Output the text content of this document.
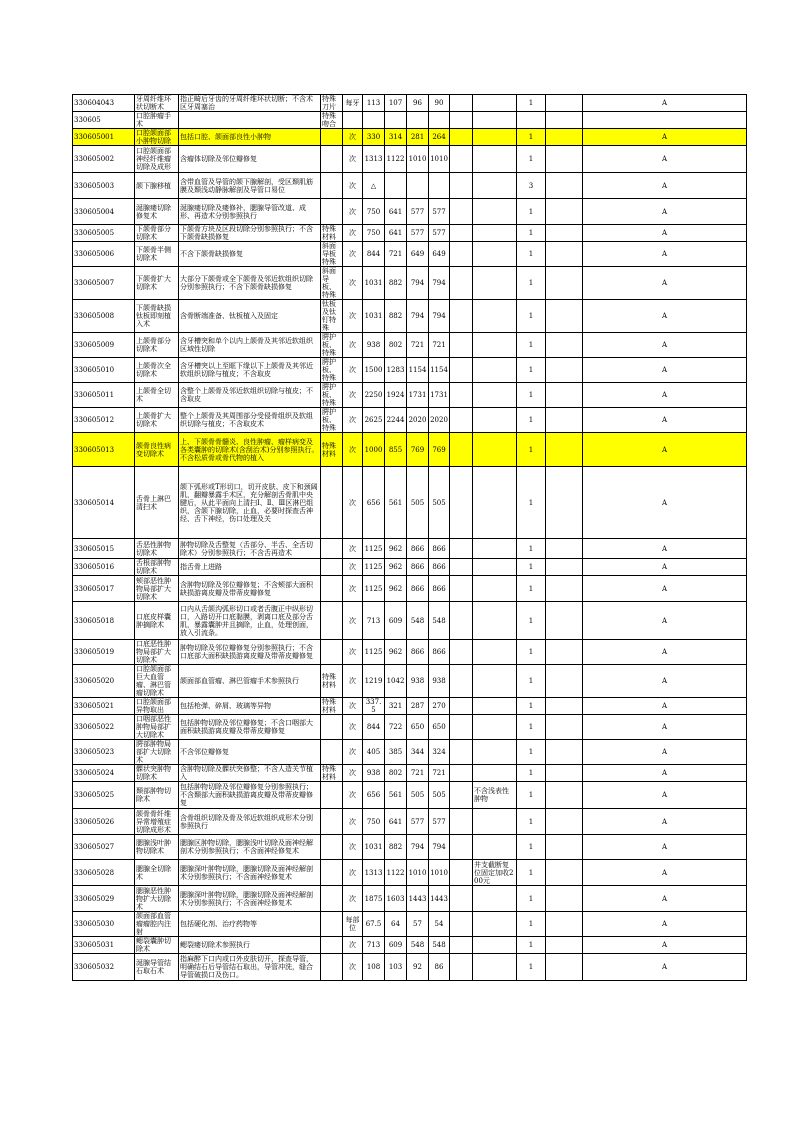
330604043	牙周纤维环状切断术	指正畸后牙齿的牙周纤维环状切断；不含术区牙周塞治	特殊刀片	每牙	113	107	96	90			1		A
330605	口腔肿瘤手术		特殊吻合										
330605001	口腔颌面部小肿物切除	包括口腔、颌面部良性小肿物		次	330	314	281	264			1		A
330605002	口腔颌面部神经纤维瘤切除及成形	含瘤体切除及邻位瓣修复		次	1313	1122	1010	1010			1		A
330605003	颌下腺移植	含带血管及导管的颌下腺解剖，受区颞肌筋膜及颞浅动静脉解剖及导管口易位		次	△						3		A
330605004	涎腺瘘切除修复术	涎腺瘘切除及瘘修补，腮腺导管改道、成形、再造术分别参照执行		次	750	641	577	577			1		A
330605005	下颌骨部分切除术	下颌骨方块及区段切除分别参照执行；不含下颌骨缺损修复	特殊材料	次	750	641	577	577			1		A
330605006	下颌骨半侧切除术	不含下颌骨缺损修复	斜面导板特殊	次	844	721	649	649			1		A
330605007	下颌骨扩大切除术	大部分下颌骨或全下颌骨及邻近软组织切除分别参照执行；不含下颌骨缺损修复	斜面导板、特殊	次	1031	882	794	794			1		A
330605008	下颌骨缺损钛板即刻植入术	含骨断端准备、钛板植入及固定	钛板及钛钉特殊	次	1031	882	794	794			1		A
330605009	上颌骨部分切除术	含牙槽突和单个以内上颌骨及其邻近软组织区域性切除	腭护板、特殊	次	938	802	721	721			1		A
330605010	上颌骨次全切除术	含牙槽突以上至眶下缘以下上颌骨及其邻近软组织切除与植皮；不含取皮	腭护板、特殊	次	1500	1283	1154	1154			1		A
330605011	上颌骨全切术	含整个上颌骨及邻近软组织切除与植皮；不含取皮	腭护板、特殊	次	2250	1924	1731	1731			1		A
330605012	上颌骨扩大切除术	整个上颌骨及其周围部分受侵骨组织及软组织切除与植皮；不含取皮术	腭护板、特殊	次	2625	2244	2020	2020			1		A
330605013	颌骨良性病变切除术	上、下颌骨骨髓炎、良性肿瘤、瘤样病变及各类囊肿的切除术(含刮治术)分别参照执行。不含松质骨或骨代物的植入	特殊材料	次	1000	855	769	769			1		A
330605014	舌骨上淋巴清扫术	颌下弧形或T形切口，切开皮肤、皮下和颈阔肌，翻瓣暴露手术区，充分解剖舌骨肌中央腱后，从此平面向上清扫Ⅰ、Ⅱ、Ⅲ区淋巴组织，含颌下腺切除，止血，必要时探查舌神经、舌下神经，伤口处理及关		次	656	561	505	505			1		A
330605015	舌恶性肿物切除术	肿物切除及舌整复（舌部分、半舌、全舌切除术）分别参照执行；不含舌再造术		次	1125	962	866	866			1		A
330605016	舌根部肿物切除术	指舌骨上进路		次	1125	962	866	866			1		A
330605017	颊部恶性肿物局部扩大切除术	含肿物切除及邻位瓣修复；不含颊部大面积缺损游离皮瓣及带蒂皮瓣修复		次	1125	962	866	866			1		A
330605018	口底皮样囊肿摘除术	口内从舌颌沟弧形切口或者舌腹正中纵形切口，入路切开口底黏膜，剥离口底及部分舌肌，暴露囊肿并且摘除，止血，处理创面，放入引流条。		次	713	609	548	548			1		A
330605019	口底恶性肿物局部扩大切除术	肿物切除及邻位瓣修复分别参照执行；不含口底部大面积缺损游离皮瓣及带蒂皮瓣修复		次	1125	962	866	866			1		A
330605020	口腔颌面部巨大血管瘤、淋巴管瘤切除术	颌面部血管瘤、淋巴管瘤手术参照执行	特殊材料	次	1219	1042	938	938			1		A
330605021	口腔颌面部异物取出	包括枪弹、碎屑、玻璃等异物	特殊材料	次	337.5	321	287	270			1		A
330605022	口咽部恶性肿物局部扩大切除术	包括肿物切除及邻位瓣修复；不含口咽部大面积缺损游离皮瓣及带蒂皮瓣修复		次	844	722	650	650			1		A
330605023	腭部肿物局部扩大切除术	不含邻位瓣修复		次	405	385	344	324			1		A
330605024	髁状突肿物切除术	含肿物切除及髁状突修整；不含人造关节植入	特殊材料	次	938	802	721	721			1		A
330605025	颞部肿物切除术	包括肿物切除及邻位瓣修复分别参照执行；不含颞部大面积缺损游离皮瓣及带蒂皮瓣修复		次	656	561	505	505		不含浅表性肿物	1		A
330605026	颌骨骨纤维异常增殖症切除成形术	含骨组织切除及骨及邻近软组织成形术分别参照执行		次	750	641	577	577			1		A
330605027	腮腺浅叶肿物切除术	腮腺区肿物切除，腮腺浅叶切除及面神经解剖术分别参照执行；不含面神经修复术		次	1031	882	794	794			1		A
330605028	腮腺全切除术	腮腺深叶肿物切除，腮腺切除及面神经解剖术分别参照执行；不含面神经修复术		次	1313	1122	1010	1010		井支截断复位固定加收200元	1		A
330605029	腮腺恶性肿物扩大切除术	腮腺深叶肿物切除，腮腺切除及面神经解剖术分别参照执行；不含面神经修复术		次	1875	1603	1443	1443			1		A
330605030	颌面部血管瘤瘤腔内注射	包括硬化剂、治疗药物等		每部位	67.5	64	57	54			1		A
330605031	鳃裂囊肿切除术	鳃裂瘘切除术参照执行		次	713	609	548	548			1		A
330605032	涎腺导管结石取石术	指麻醉下口内或口外皮肤切开，探查导管，明确结石后导管结石取出，导管冲洗，缝合导管破损口及伤口。		次	108	103	92	86			1		A
